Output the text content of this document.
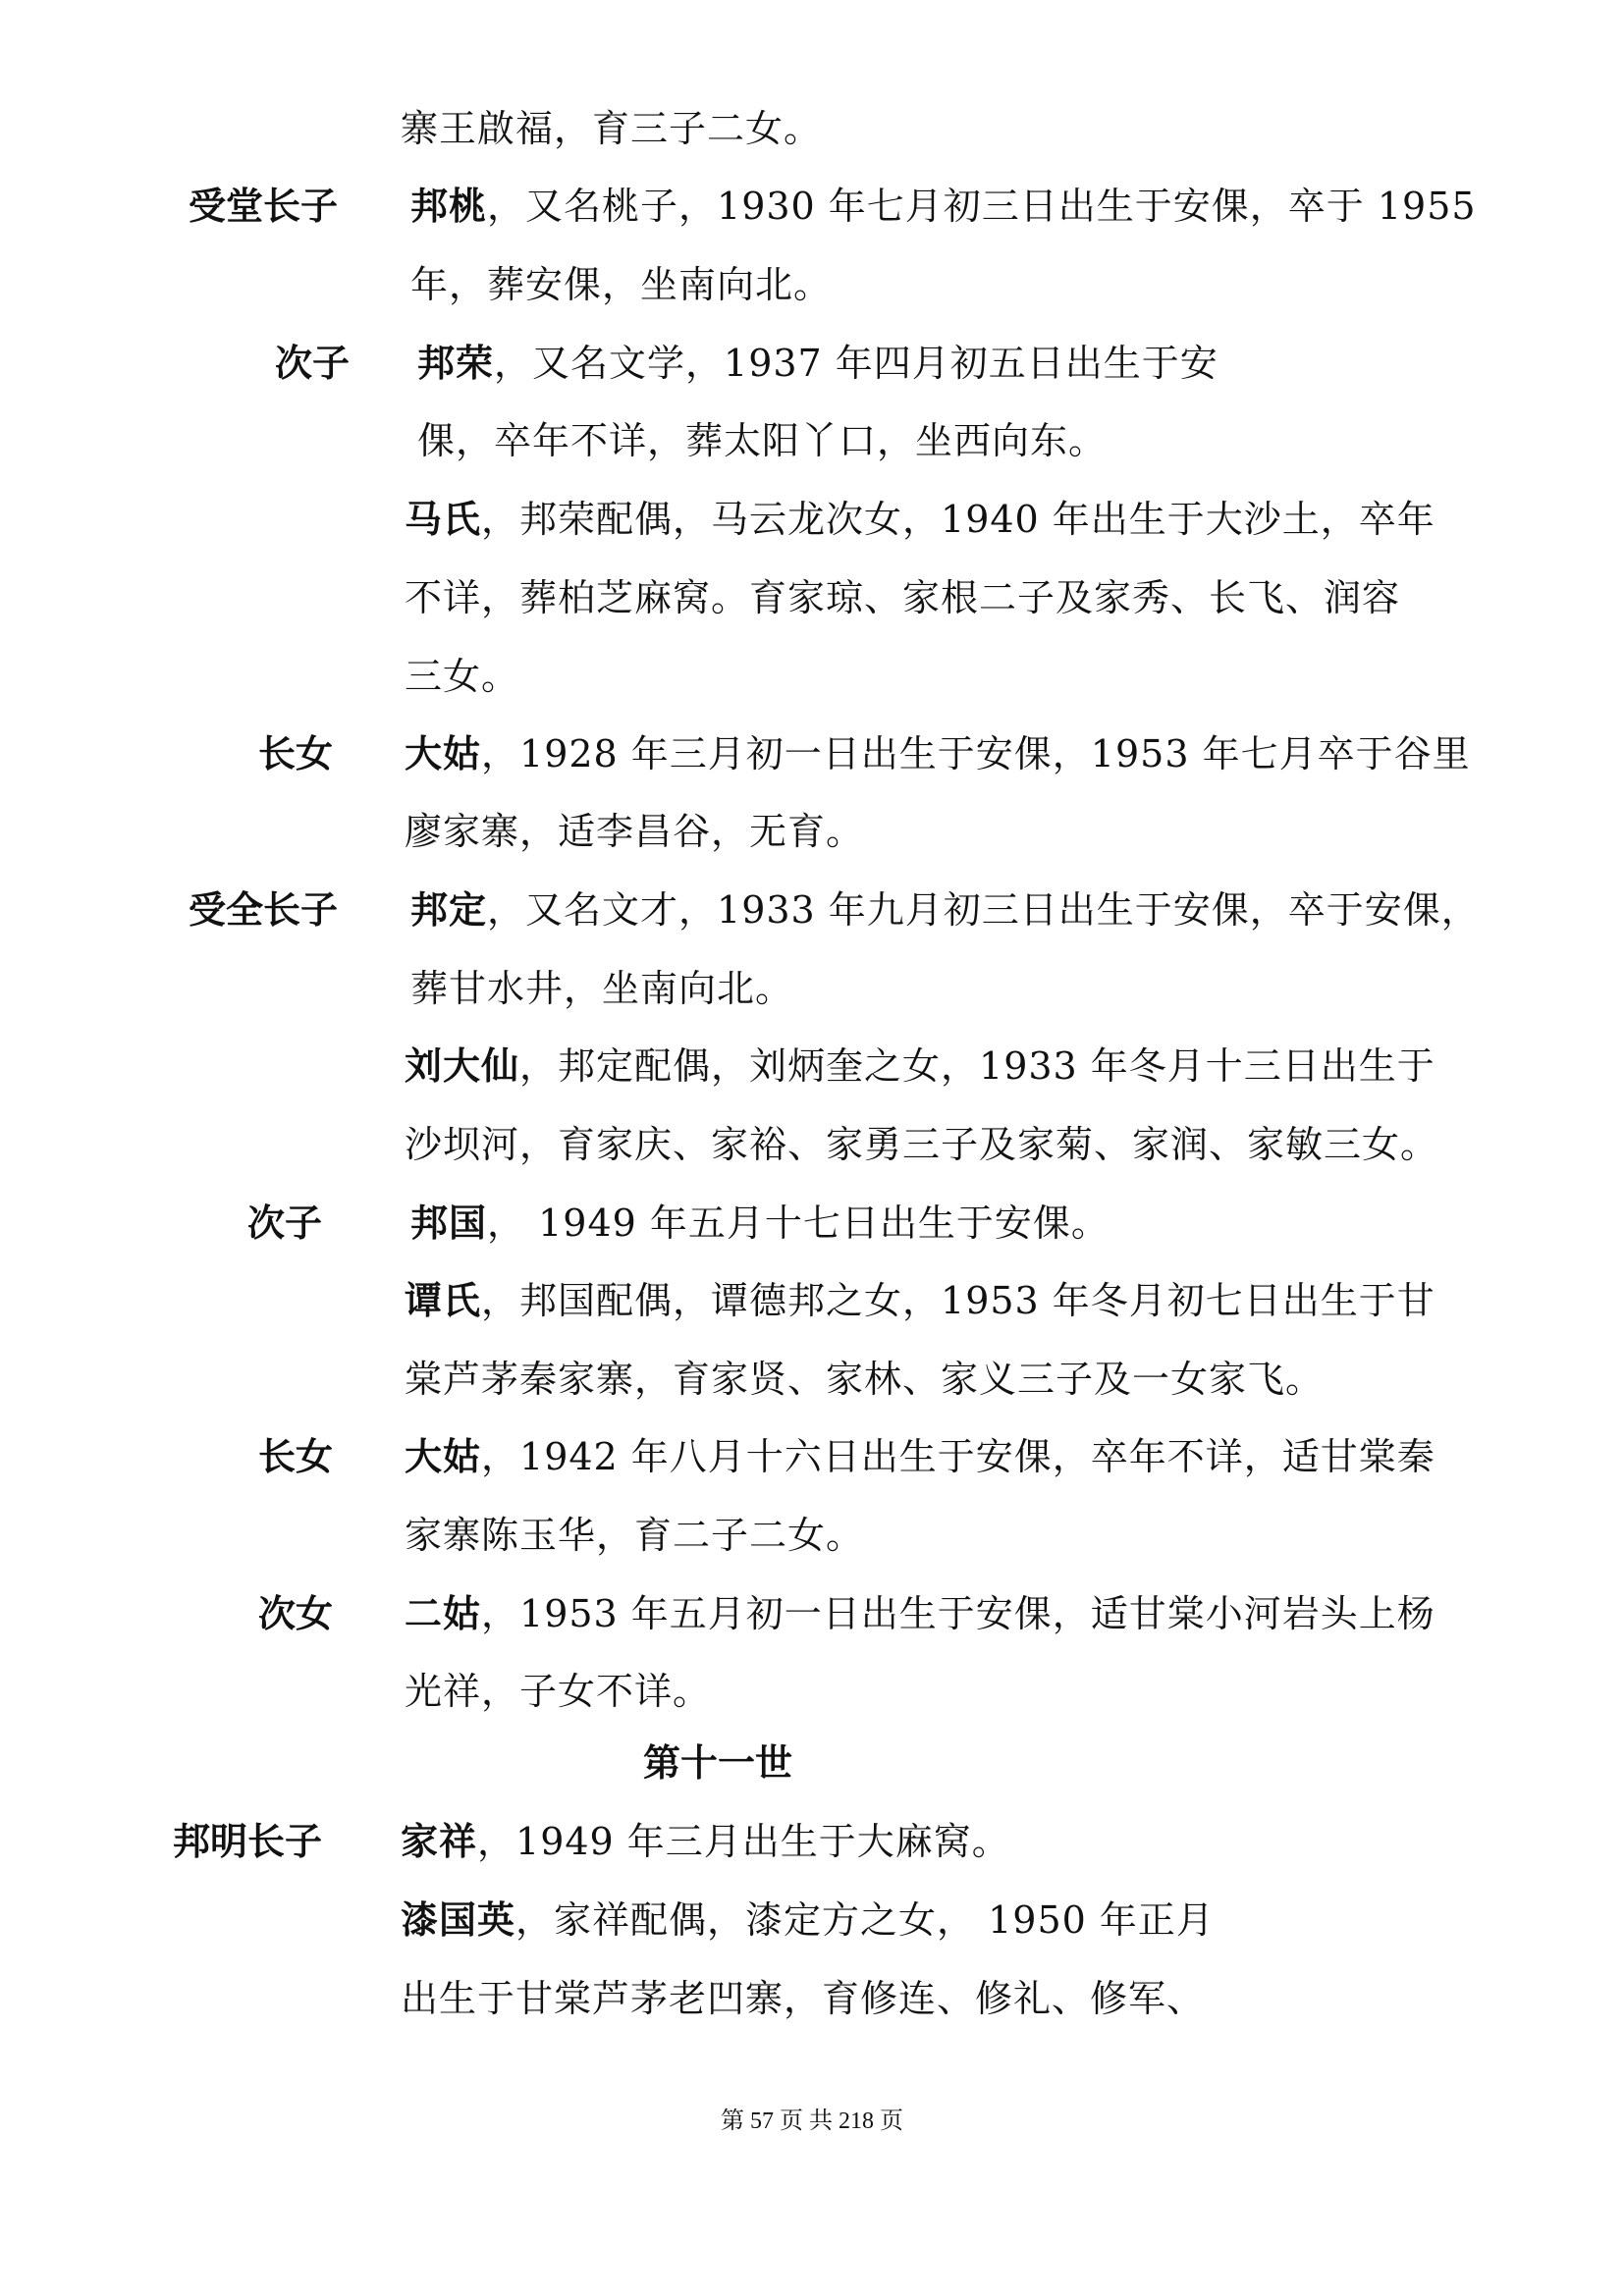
寨王啟福，育三子二女。
受堂长子 邦桃，又名桃子，1930 年七月初三日出生于安倮，卒于 1955
年，葬安倮，坐南向北。
次子 邦荣，又名文学，1937 年四月初五日出生于安
倮，卒年不详，葬太阳丫口，坐西向东。
马氏，邦荣配偶，马云龙次女，1940 年出生于大沙土，卒年
不详，葬柏芝麻窝。育家琼、家根二子及家秀、长飞、润容
三女。
长女 大姑，1928 年三月初一日出生于安倮，1953 年七月卒于谷里
廖家寨，适李昌谷，无育。
受全长子 邦定，又名文才，1933 年九月初三日出生于安倮，卒于安倮，
葬甘水井，坐南向北。
刘大仙，邦定配偶，刘炳奎之女，1933 年冬月十三日出生于
沙坝河，育家庆、家裕、家勇三子及家菊、家润、家敏三女。
次子 邦国， 1949 年五月十七日出生于安倮。
谭氏，邦国配偶，谭德邦之女，1953 年冬月初七日出生于甘
棠芦茅秦家寨，育家贤、家林、家义三子及一女家飞。
长女 大姑，1942 年八月十六日出生于安倮，卒年不详，适甘棠秦
家寨陈玉华，育二子二女。
次女 二姑，1953 年五月初一日出生于安倮，适甘棠小河岩头上杨
光祥，子女不详。
第十一世
邦明长子 家祥，1949 年三月出生于大麻窝。
漆国英，家祥配偶，漆定方之女， 1950 年正月
出生于甘棠芦茅老凹寨，育修连、修礼、修军、
第 57 页 共 218 页
